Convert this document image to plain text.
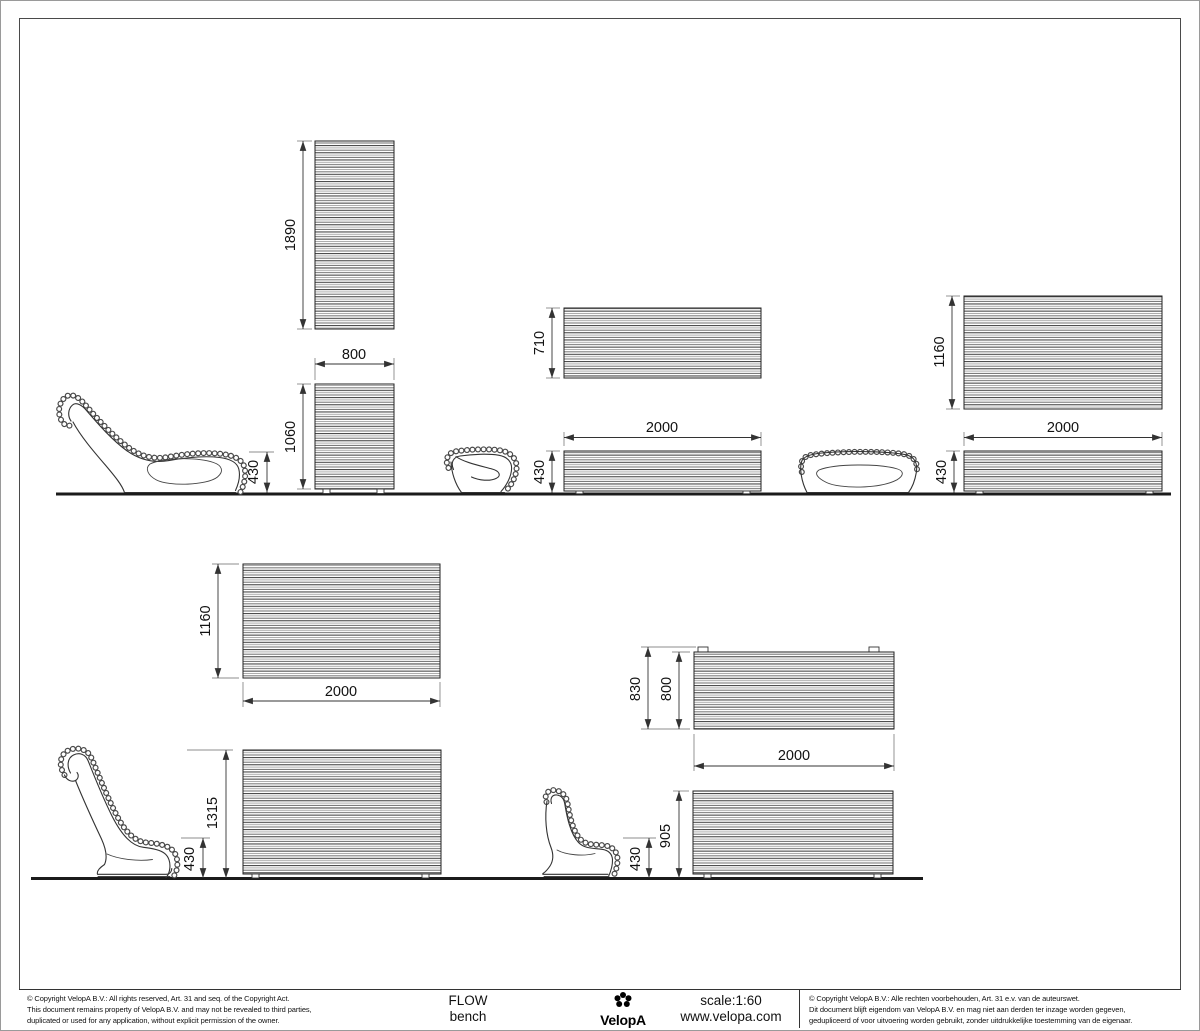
1890
800
1060
430
710
2000
430
1160
2000
430
1160
2000
1315
430
830 800
2000
905
430
© Copyright VelopA B.V.: All rights reserved, Art. 31 and seq. of the Copyright Act.
This document remains property of VelopA B.V. and may not be revealed to third parties,
duplicated or used for any application, without explicit permission of the owner.
FLOW
bench	VelopA
scale:1:60
www.velopa.com
© Copyright VelopA B.V.: Alle rechten voorbehouden, Art. 31 e.v. van de auteurswet.
Dit document blijft eigendom van VelopA B.V. en mag niet aan derden ter inzage worden gegeven,
gedupliceerd of voor uitvoering worden gebruikt, zonder uitdrukkelijke toestemming van de eigenaar.
